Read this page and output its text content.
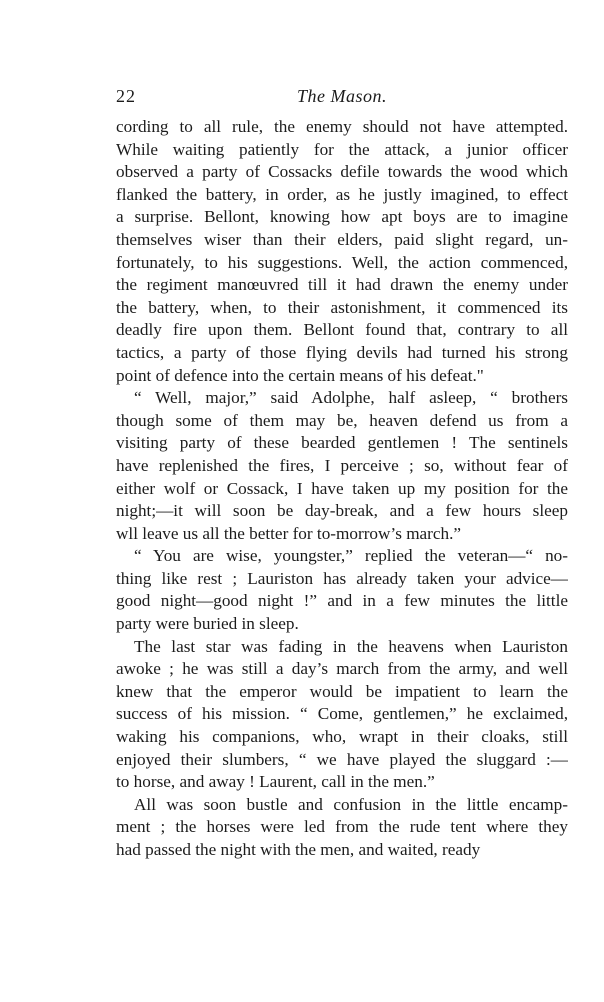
22	The Mason.

cording to all rule, the enemy should not have attempted.
While waiting patiently for the attack, a junior officer
observed a party of Cossacks defile towards the wood which
flanked the battery, in order, as he justly imagined, to effect
a surprise. Bellont, knowing how apt boys are to imagine
themselves wiser than their elders, paid slight regard, un-
fortunately, to his suggestions. Well, the action commenced,
the regiment manœuvred till it had drawn the enemy under
the battery, when, to their astonishment, it commenced its
deadly fire upon them. Bellont found that, contrary to all
tactics, a party of those flying devils had turned his strong
point of defence into the certain means of his defeat."

“ Well, major,” said Adolphe, half asleep, “ brothers
though some of them may be, heaven defend us from a
visiting party of these bearded gentlemen ! The sentinels
have replenished the fires, I perceive ; so, without fear of
either wolf or Cossack, I have taken up my position for the
night;—it will soon be day-break, and a few hours sleep
wll leave us all the better for to-morrow’s march.”

“ You are wise, youngster,” replied the veteran—“ no-
thing like rest ; Lauriston has already taken your advice—
good night—good night !” and in a few minutes the little
party were buried in sleep.

The last star was fading in the heavens when Lauriston
awoke ; he was still a day’s march from the army, and well
knew that the emperor would be impatient to learn the
success of his mission. “ Come, gentlemen,” he exclaimed,
waking his companions, who, wrapt in their cloaks, still
enjoyed their slumbers, “ we have played the sluggard :—
to horse, and away ! Laurent, call in the men.”

All was soon bustle and confusion in the little encamp-
ment ; the horses were led from the rude tent where they
had passed the night with the men, and waited, ready
